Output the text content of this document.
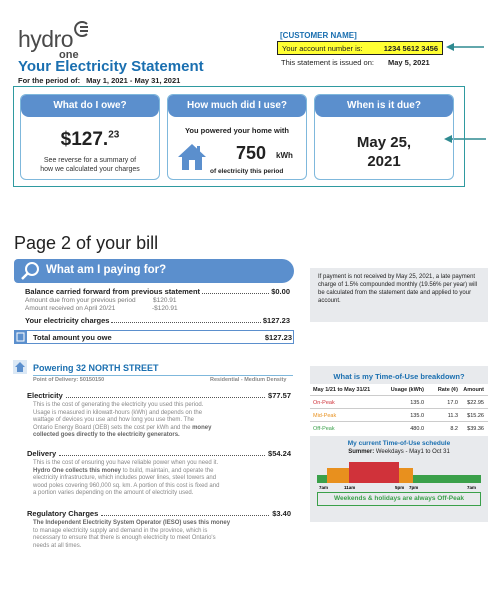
hydro
one
Your Electricity Statement
For the period of: May 1, 2021 - May 31, 2021
[CUSTOMER NAME]
Your account number is:	1234 5612 3456
This statement is issued on: May 5, 2021
What do I owe?
$127.23
See reverse for a summary of
how we calculated your charges
How much did I use?
You powered your home with
750 kWh
of electricity this period
When is it due?
May 25,
2021
Page 2 of your bill
What am I paying for?
Balance carried forward from previous statement	$0.00
Amount due from your previous period	$120.91
Amount received on April 20/21	-$120.91
Your electricity charges	$127.23
Total amount you owe	$127.23
If payment is not received by May 25, 2021, a late payment charge of 1.5% compounded monthly (19.56% per year) will be calculated from the statement date and applied to your account.
Powering 32 NORTH STREET
Point of Delivery: 50150150	Residential - Medium Density
Electricity	$77.57
This is the cost of generating the electricity you used this period.
Usage is measured in kilowatt-hours (kWh) and depends on the
wattage of devices you use and how long you use them. The
Ontario Energy Board (OEB) sets the cost per kWh and the money
collected goes directly to the electricity generators.
Delivery	$54.24
This is the cost of ensuring you have reliable power when you need it.
Hydro One collects this money to build, maintain, and operate the
electricity infrastructure, which includes power lines, steel towers and
wood poles covering 960,000 sq. km. A portion of this cost is fixed and
a portion varies depending on the amount of electricity used.
Regulatory Charges	$3.40
The Independent Electricity System Operator (IESO) uses this money
to manage electricity supply and demand in the province, which is
necessary to ensure that there is enough electricity to meet Ontario's
needs at all times.
What is my Time-of-Use breakdown?
May 1/21 to May 31/21	Usage (kWh)	Rate (¢) Amount
On-Peak	135.0	17.0 $22.95
Mid-Peak	135.0	11.3 $15.26
Off-Peak	480.0	8.2 $39.36
My current Time-of-Use schedule
Summer: Weekdays - May1 to Oct 31
7am	11am	5pm 7pm	7am
Weekends & holidays are always Off-Peak
